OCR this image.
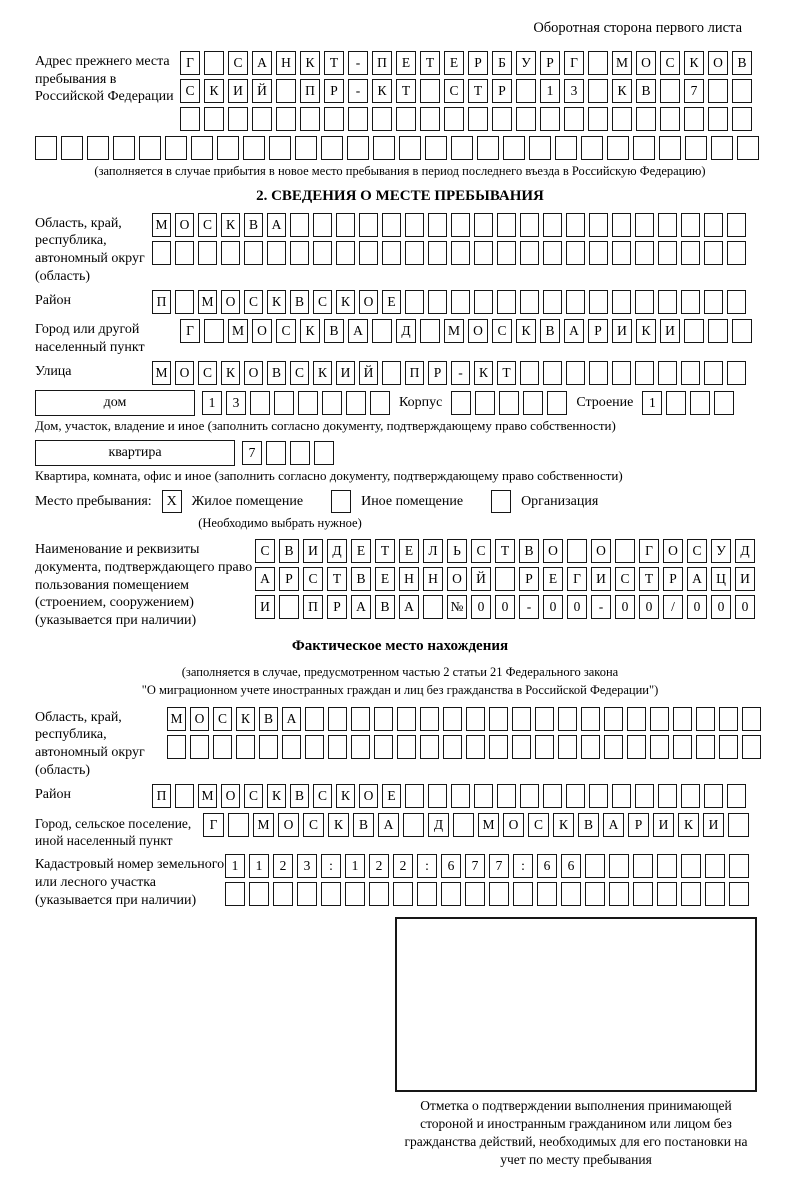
Оборотная сторона первого листа
Адрес прежнего места пребывания в Российской Федерации
Г	С	А	Н	К	Т	-	П	Е	Т	Е	Р	Б	У	Р	Г	М О	С	К	О	В
С	К	И	Й	П	Р	-	К	Т	С	Т	Р	1	3	К	В	7
(заполняется в случае прибытия в новое место пребывания в период последнего въезда в Российскую Федерацию)
2. СВЕДЕНИЯ О МЕСТЕ ПРЕБЫВАНИЯ
Область, край, республика, автономный округ (область)
М О	С	К	В	А
Район	П	М О	С	К	В	С	К	О	Е
Город или другой населенный пункт
Г	М О	С	К	В	А	Д	М О	С	К	В	А	Р	И	К	И
Улица	М О	С	К	О	В	С	К	И Й	П	Р	-	К	Т
дом	1	3	Корпус	Строение	1
Дом, участок, владение и иное (заполнить согласно документу, подтверждающему право собственности)
квартира	7
Квартира, комната, офис и иное (заполнить согласно документу, подтверждающему право собственности)
Место пребывания:	X	Жилое помещение	Иное помещение	Организация
(Необходимо выбрать нужное)
Наименование и реквизиты документа, подтверждающего право пользования помещением (строением, сооружением) (указывается при наличии)
С	В	И	Д	Е	Т	Е	Л	Ь	С	Т	В	О	О	Г	О	С	У	Д
А	Р	С	Т	В	Е	Н	Н	О	Й	Р	Е	Г	И	С	Т	Р	А	Ц	И
И	П	Р	А	В	А	№	0	0	-	0	0	-	0	0	/	0	0	0
Фактическое место нахождения
(заполняется в случае, предусмотренном частью 2 статьи 21 Федерального закона
"О миграционном учете иностранных граждан и лиц без гражданства в Российской Федерации")
Область, край, республика, автономный округ (область)
М О	С	К	В	А
Район	П	М О	С	К	В	С	К	О	Е
Город, сельское поселение, иной населенный пункт
Г	М	О	С	К	В	А	Д	М	О	С	К	В	А	Р	И	К	И
Кадастровый номер земельного или лесного участка (указывается при наличии)
1	1	2	3	:	1	2	2	:	6	7	7	:	6	6
Отметка о подтверждении выполнения принимающей стороной и иностранным гражданином или лицом без гражданства действий, необходимых для его постановки на учет по месту пребывания
